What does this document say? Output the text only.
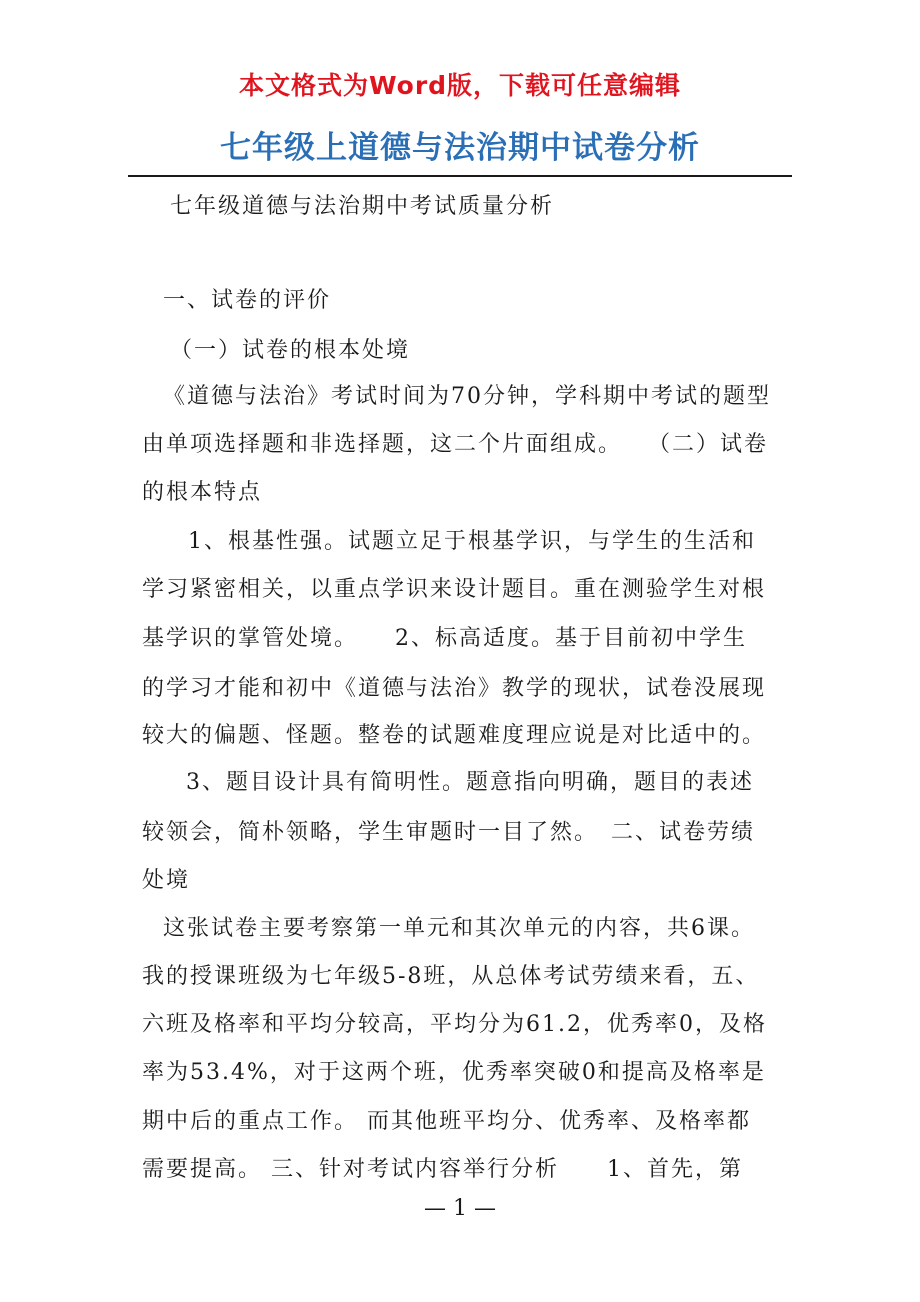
本文格式为Word版，下载可任意编辑
七年级上道德与法治期中试卷分析
七年级道德与法治期中考试质量分析
一、试卷的评价
（一）试卷的根本处境
《道德与法治》考试时间为70分钟，学科期中考试的题型
由单项选择题和非选择题，这二个片面组成。　　（二）试卷
的根本特点
1、根基性强。试题立足于根基学识，与学生的生活和
学习紧密相关，以重点学识来设计题目。重在测验学生对根
基学识的掌管处境。　　2、标高适度。基于目前初中学生
的学习才能和初中《道德与法治》教学的现状，试卷没展现
较大的偏题、怪题。整卷的试题难度理应说是对比适中的。
3、题目设计具有简明性。题意指向明确，题目的表述
较领会，简朴领略，学生审题时一目了然。　二、试卷劳绩
处境
这张试卷主要考察第一单元和其次单元的内容，共6课。
我的授课班级为七年级5-8班，从总体考试劳绩来看，五、
六班及格率和平均分较高，平均分为61.2，优秀率0，及格
率为53.4%，对于这两个班，优秀率突破0和提高及格率是
期中后的重点工作。 而其他班平均分、优秀率、及格率都
需要提高。 三、针对考试内容举行分析　　1、首先，第
— 1 —
